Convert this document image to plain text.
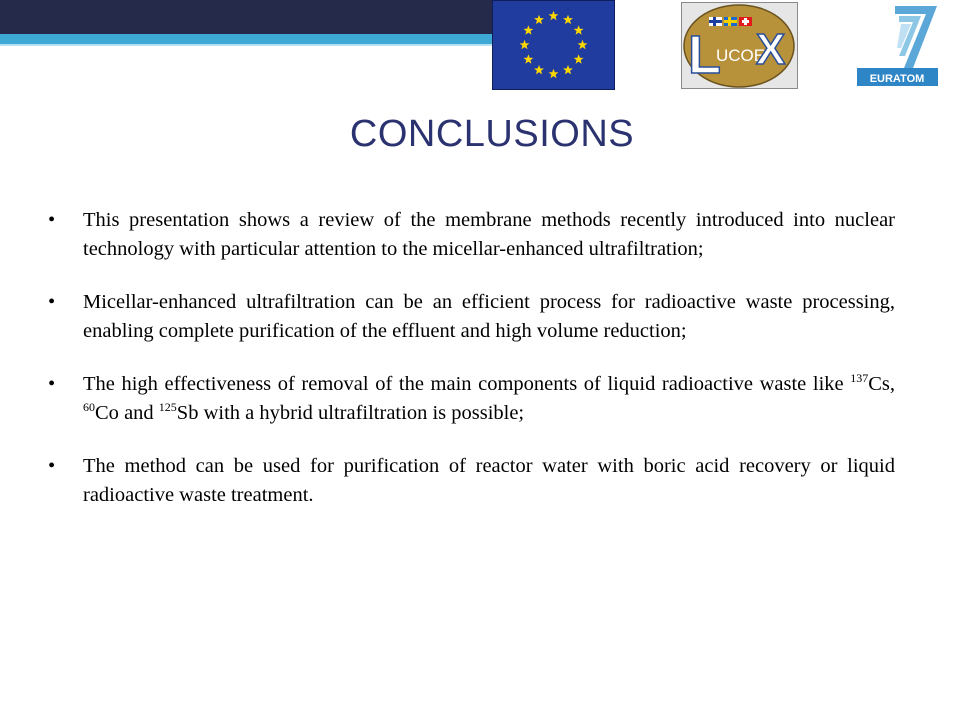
L
UCOE
X
EURATOM
CONCLUSIONS
• This presentation shows a review of the membrane methods recently introduced into nuclear technology with particular attention to the micellar-enhanced ultrafiltration;
• Micellar-enhanced ultrafiltration can be an efficient process for radioactive waste processing, enabling complete purification of the effluent and high volume reduction;
• The high effectiveness of removal of the main components of liquid radioactive waste like $^{137}$Cs, $^{60}$Co and $^{125}$Sb with a hybrid ultrafiltration is possible;
• The method can be used for purification of reactor water with boric acid recovery or liquid radioactive waste treatment.
